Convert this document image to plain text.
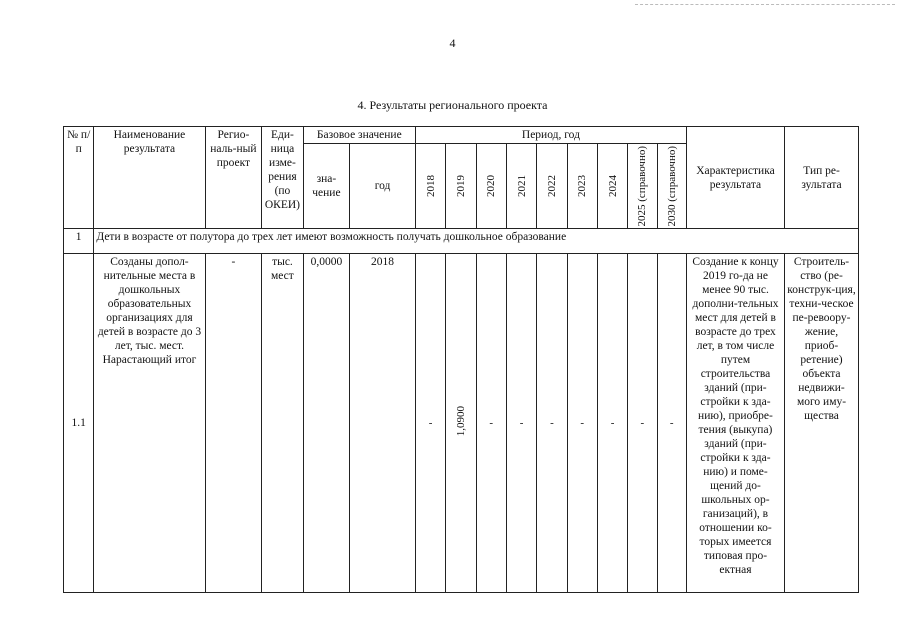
4
4. Результаты регионального проекта
№ п/п	Наименование результата	Регио-наль-ный проект	Еди-ница изме-рения (по ОКЕИ)	Базовое значение		Период, год									Характеристика результата	Тип ре-зультата
				зна-чение	год	2018	2019	2020	2021	2022	2023	2024	2025 (справочно)	2030 (справочно)		

1	Дети в возрасте от полутора до трех лет имеют возможность получать дошкольное образование															
1.1	Созданы допол-нительные места в дошкольных образовательных организациях для детей в возрасте до 3 лет, тыс. мест. Нарастающий итог	-	тыс. мест	0,0000	2018	-	1,0900	-	-	-	-	-	-	-	Создание к концу 2019 го-да не менее 90 тыс. дополни-тельных мест для детей в возрасте до трех лет, в том числе путем строительства зданий (при-стройки к зда-нию), приобре-тения (выкупа) зданий (при-стройки к зда-нию) и поме-щений до-школьных ор-ганизаций), в отношении ко-торых имеется типовая про-ектная	Строитель-ство (ре-конструк-ция, техни-ческое пе-ревоору-жение, приоб-ретение) объекта недвижи-мого иму-щества
